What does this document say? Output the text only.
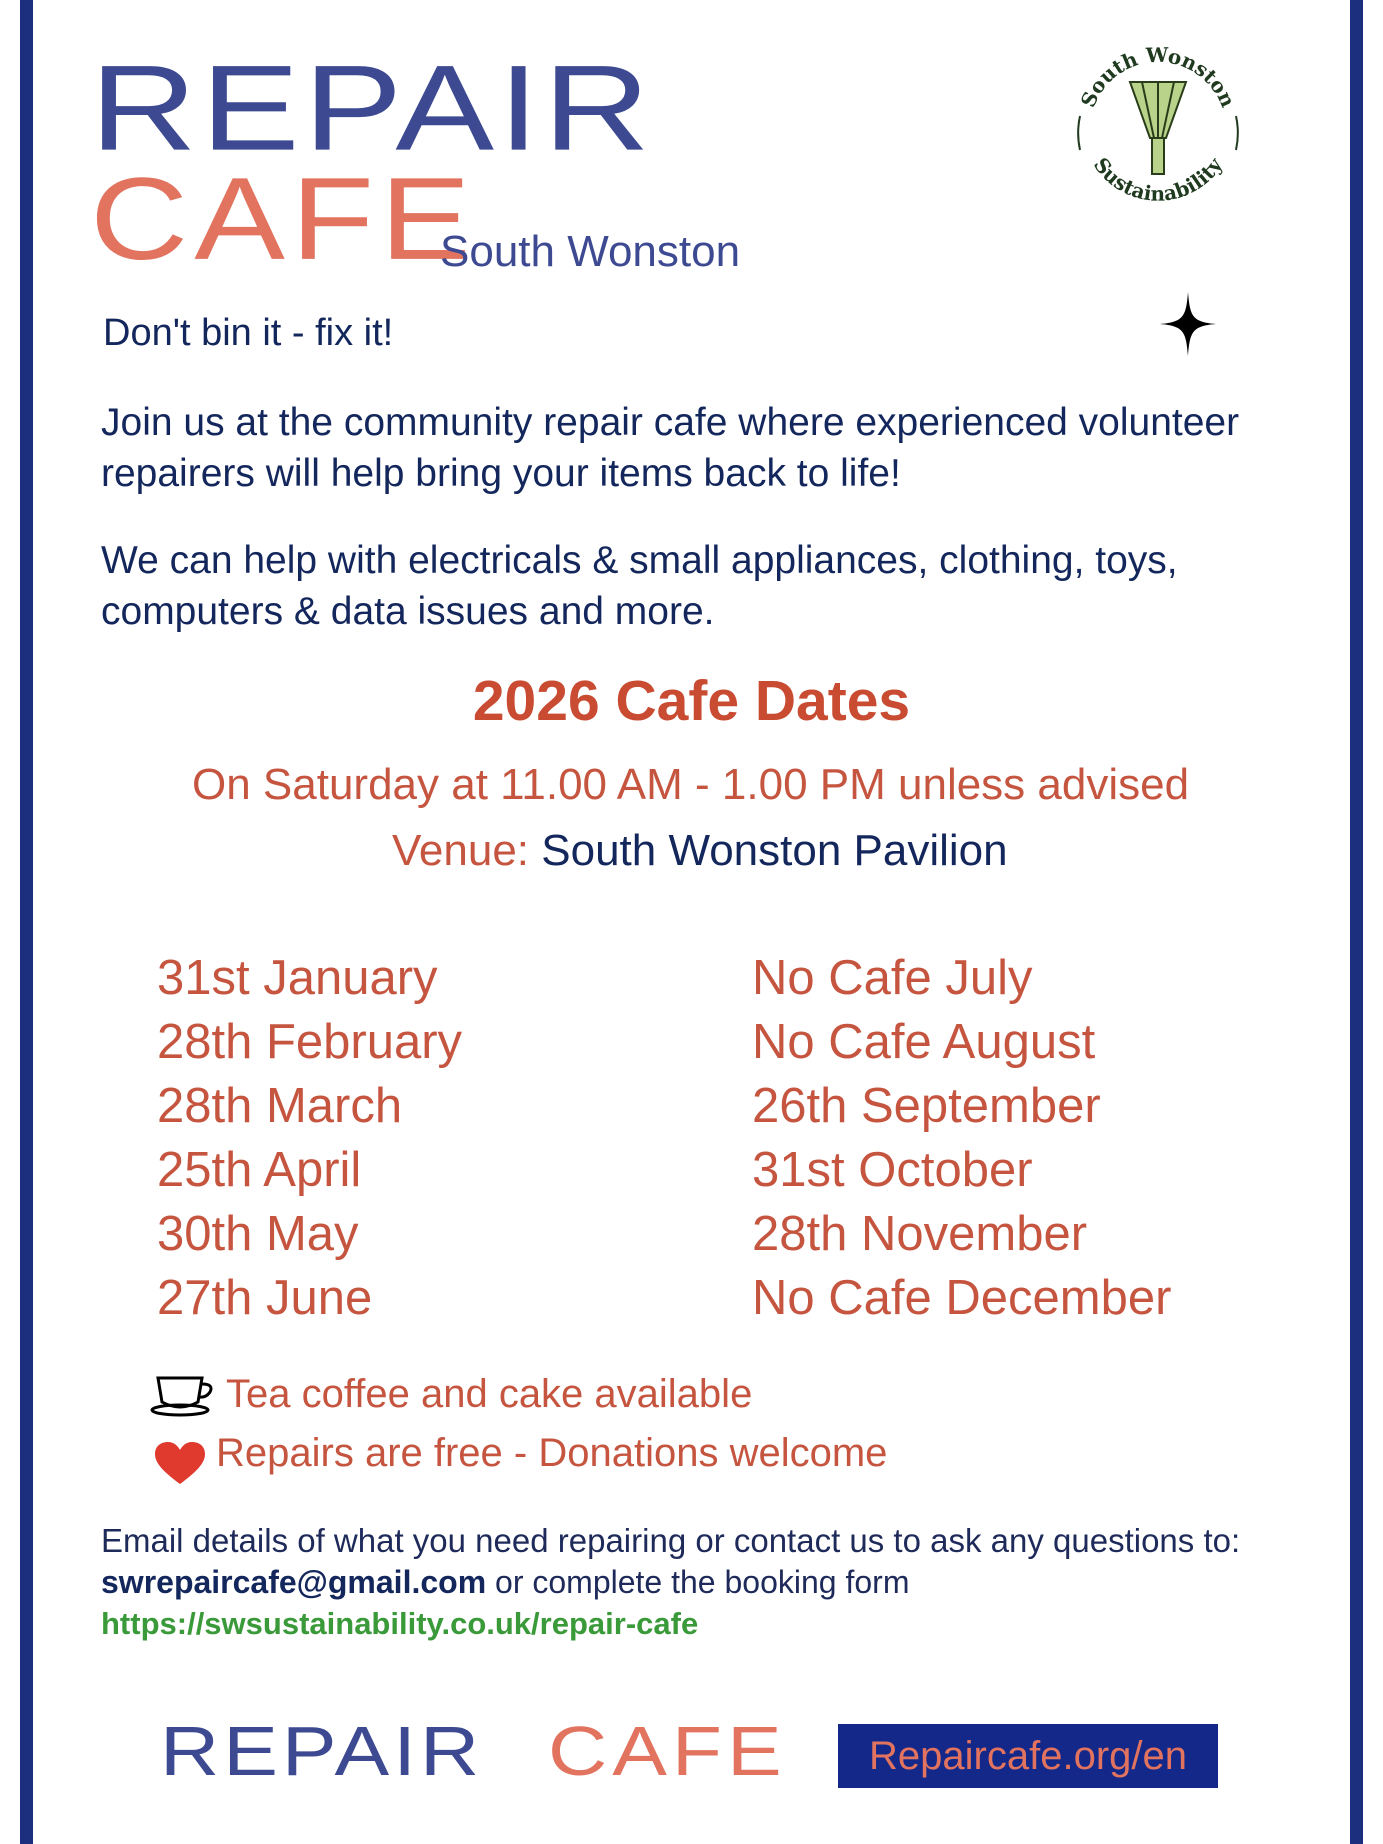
REPAIR
CAFE
South Wonston
South Wonston
Sustainability
Don't bin it - fix it!
Join us at the community repair cafe where experienced volunteer repairers will help bring your items back to life!
We can help with electricals & small appliances, clothing, toys, computers & data issues and more.
2026 Cafe Dates
On Saturday at 11.00 AM - 1.00 PM unless advised
Venue: South Wonston Pavilion
31st January
28th February
28th March
25th April
30th May
27th June
No Cafe July
No Cafe August
26th September
31st October
28th November
No Cafe December
Tea coffee and cake available
Repairs are free - Donations welcome
Email details of what you need repairing or contact us to ask any questions to:
swrepaircafe@gmail.com or complete the booking form
https://swsustainability.co.uk/repair-cafe
REPAIR CAFE	Repaircafe.org/en
